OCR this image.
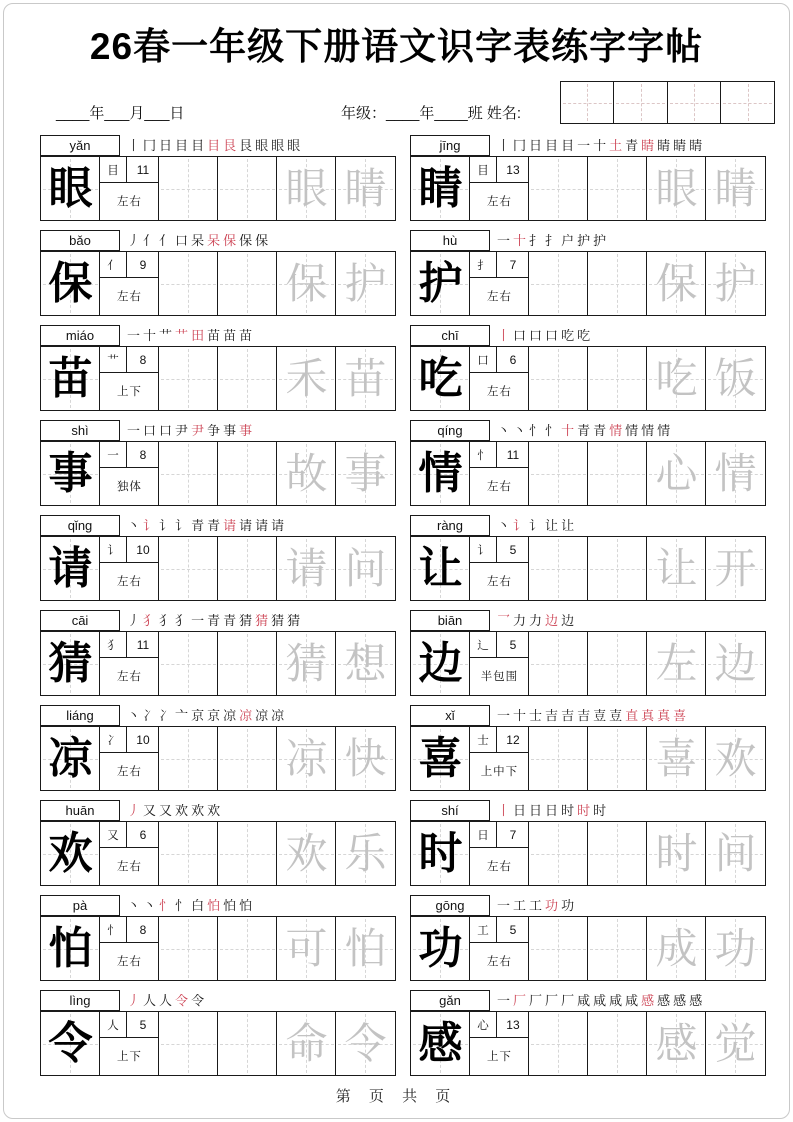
26春一年级下册语文识字表练字字帖
____年___月___日	年级：____年____班 姓名:
yǎn	丨 冂 日 目 目 目 艮 艮 眼 眼 眼
眼	目	11
左右	眼 睛
jīng	丨 冂 日 目 目 一 十 土 青 睛 睛 睛 睛
睛	目	13
左右	眼 睛
bǎo	丿 亻 亻 口 呆 呆 保 保 保
保	亻	9
左右	保 护
hù	一 十 扌 扌 户 护 护
护	扌	7
左右	保 护
miáo	一 十 艹 艹 田 苗 苗 苗
苗	艹	8
上下	禾 苗
chī	丨 口 口 口 吃 吃
吃	口	6
左右	吃 饭
shì	一 口 口 尹 尹 争 事 事
事	一	8
独体	故 事
qíng	丶 丶 忄 忄 十 青 青 情 情 情 情
情	忄	11
左右	心 情
qǐng	丶 讠 讠 讠 青 青 请 请 请 请
请	讠	10
左右	请 问
ràng	丶 讠 讠 让 让
让	讠	5
左右	让 开
cāi	丿 犭 犭 犭 一 青 青 猜 猜 猜 猜
猜	犭	11
左右	猜 想
biān	乛 力 力 边 边
边	辶	5
半包围	左 边
liáng	丶 冫 冫 亠 京 京 凉 凉 凉 凉
凉	冫	10
左右	凉 快
xǐ	一 十 士 吉 吉 吉 壴 壴 直 真 真 喜
喜	士	12
上中下	喜 欢
huān	丿 又 又 欢 欢 欢
欢	又	6
左右	欢 乐
shí	丨 日 日 日 时 时 时
时	日	7
左右	时 间
pà	丶 丶 忄 忄 白 怕 怕 怕
怕	忄	8
左右	可 怕
gōng	一 工 工 功 功
功	工	5
左右	成 功
lìng	丿 人 人 令 令
令	人	5
上下	命 令
gǎn	一 厂 厂 厂 厂 咸 咸 咸 咸 感 感 感 感
感	心	13
上下	感 觉
第 页 共 页
